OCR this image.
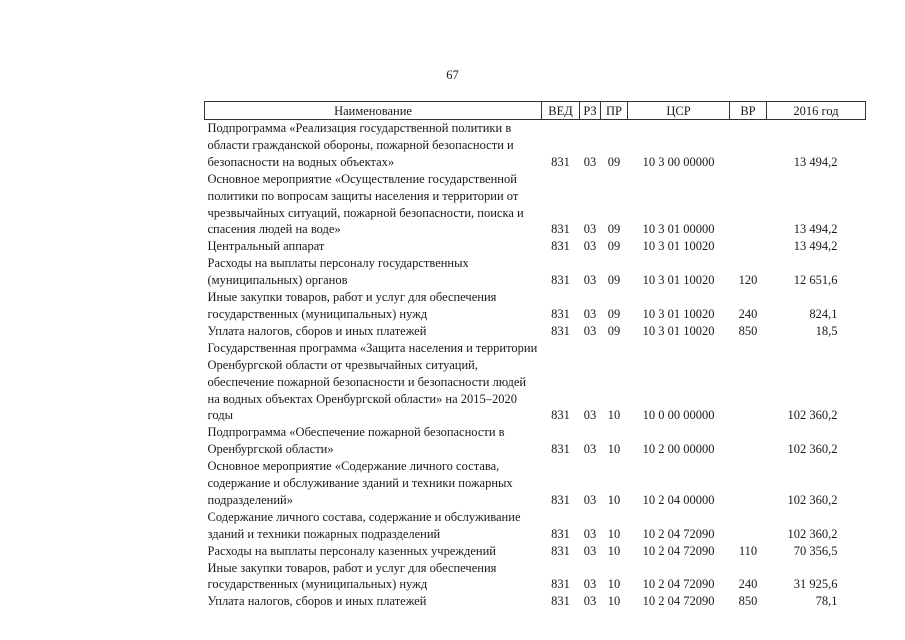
67
Наименование	ВЕД	РЗ	ПР	ЦСР	ВР	2016 год
Подпрограмма «Реализация государственной политики в области гражданской обороны, пожарной безопасности и безопасности на водных объектах»	831	03	09	10 3 00 00000		13 494,2
Основное мероприятие «Осуществление государственной политики по вопросам защиты населения и территории от чрезвычайных ситуаций, пожарной безопасности, поиска и спасения людей на воде»	831	03	09	10 3 01 00000		13 494,2
Центральный аппарат	831	03	09	10 3 01 10020		13 494,2
Расходы на выплаты персоналу государственных (муниципальных) органов	831	03	09	10 3 01 10020	120	12 651,6
Иные закупки товаров, работ и услуг для обеспечения государственных (муниципальных) нужд	831	03	09	10 3 01 10020	240	824,1
Уплата налогов, сборов и иных платежей	831	03	09	10 3 01 10020	850	18,5
Государственная программа «Защита населения и территории Оренбургской области от чрезвычайных ситуаций, обеспечение пожарной безопасности и безопасности людей на водных объектах Оренбургской области» на 2015–2020 годы	831	03	10	10 0 00 00000		102 360,2
Подпрограмма «Обеспечение пожарной безопасности в Оренбургской области»	831	03	10	10 2 00 00000		102 360,2
Основное мероприятие «Содержание личного состава, содержание и обслуживание зданий и техники пожарных подразделений»	831	03	10	10 2 04 00000		102 360,2
Содержание личного состава, содержание и обслуживание зданий и техники пожарных подразделений	831	03	10	10 2 04 72090		102 360,2
Расходы на выплаты персоналу казенных учреждений	831	03	10	10 2 04 72090	110	70 356,5
Иные закупки товаров, работ и услуг для обеспечения государственных (муниципальных) нужд	831	03	10	10 2 04 72090	240	31 925,6
Уплата налогов, сборов и иных платежей	831	03	10	10 2 04 72090	850	78,1
